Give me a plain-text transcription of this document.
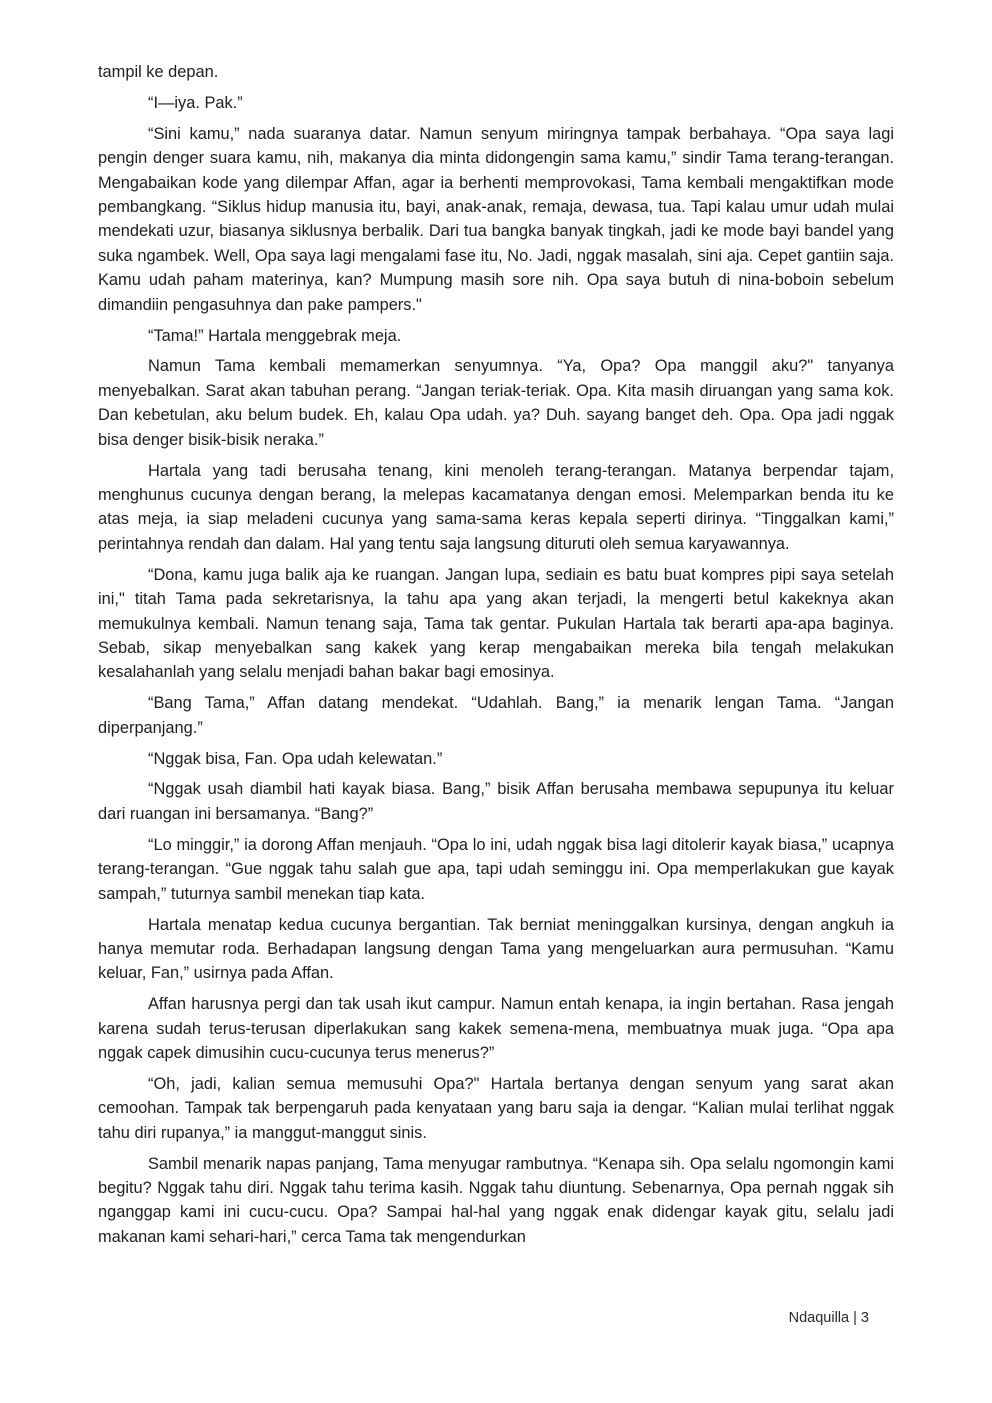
tampil ke depan.

“I—iya. Pak.”

“Sini kamu,” nada suaranya datar. Namun senyum miringnya tampak berbahaya. “Opa saya lagi pengin denger suara kamu, nih, makanya dia minta didongengin sama kamu,” sindir Tama terang-terangan. Mengabaikan kode yang dilempar Affan, agar ia berhenti memprovokasi, Tama kembali mengaktifkan mode pembangkang. “Siklus hidup manusia itu, bayi, anak-anak, remaja, dewasa, tua. Tapi kalau umur udah mulai mendekati uzur, biasanya siklusnya berbalik. Dari tua bangka banyak tingkah, jadi ke mode bayi bandel yang suka ngambek. Well, Opa saya lagi mengalami fase itu, No. Jadi, nggak masalah, sini aja. Cepet gantiin saja. Kamu udah paham materinya, kan? Mumpung masih sore nih. Opa saya butuh di nina-boboin sebelum dimandiin pengasuhnya dan pake pampers."

“Tama!” Hartala menggebrak meja.

Namun Tama kembali memamerkan senyumnya. “Ya, Opa? Opa manggil aku?" tanyanya menyebalkan. Sarat akan tabuhan perang. “Jangan teriak-teriak. Opa. Kita masih diruangan yang sama kok. Dan kebetulan, aku belum budek. Eh, kalau Opa udah. ya? Duh. sayang banget deh. Opa. Opa jadi nggak bisa denger bisik-bisik neraka.”

Hartala yang tadi berusaha tenang, kini menoleh terang-terangan. Matanya berpendar tajam, menghunus cucunya dengan berang, la melepas kacamatanya dengan emosi. Melemparkan benda itu ke atas meja, ia siap meladeni cucunya yang sama-sama keras kepala seperti dirinya. “Tinggalkan kami,” perintahnya rendah dan dalam. Hal yang tentu saja langsung dituruti oleh semua karyawannya.

“Dona, kamu juga balik aja ke ruangan. Jangan lupa, sediain es batu buat kompres pipi saya setelah ini," titah Tama pada sekretarisnya, la tahu apa yang akan terjadi, la mengerti betul kakeknya akan memukulnya kembali. Namun tenang saja, Tama tak gentar. Pukulan Hartala tak berarti apa-apa baginya. Sebab, sikap menyebalkan sang kakek yang kerap mengabaikan mereka bila tengah melakukan kesalahanlah yang selalu menjadi bahan bakar bagi emosinya.

“Bang Tama,” Affan datang mendekat. “Udahlah. Bang,” ia menarik lengan Tama. “Jangan diperpanjang.”

“Nggak bisa, Fan. Opa udah kelewatan.”

“Nggak usah diambil hati kayak biasa. Bang,” bisik Affan berusaha membawa sepupunya itu keluar dari ruangan ini bersamanya. “Bang?”

“Lo minggir,” ia dorong Affan menjauh. “Opa lo ini, udah nggak bisa lagi ditolerir kayak biasa,” ucapnya terang-terangan. “Gue nggak tahu salah gue apa, tapi udah seminggu ini. Opa memperlakukan gue kayak sampah,” tuturnya sambil menekan tiap kata.

Hartala menatap kedua cucunya bergantian. Tak berniat meninggalkan kursinya, dengan angkuh ia hanya memutar roda. Berhadapan langsung dengan Tama yang mengeluarkan aura permusuhan. “Kamu keluar, Fan,” usirnya pada Affan.

Affan harusnya pergi dan tak usah ikut campur. Namun entah kenapa, ia ingin bertahan. Rasa jengah karena sudah terus-terusan diperlakukan sang kakek semena-mena, membuatnya muak juga. “Opa apa nggak capek dimusihin cucu-cucunya terus menerus?”

“Oh, jadi, kalian semua memusuhi Opa?" Hartala bertanya dengan senyum yang sarat akan cemoohan. Tampak tak berpengaruh pada kenyataan yang baru saja ia dengar. “Kalian mulai terlihat nggak tahu diri rupanya,” ia manggut-manggut sinis.

Sambil menarik napas panjang, Tama menyugar rambutnya. “Kenapa sih. Opa selalu ngomongin kami begitu? Nggak tahu diri. Nggak tahu terima kasih. Nggak tahu diuntung. Sebenarnya, Opa pernah nggak sih nganggap kami ini cucu-cucu. Opa? Sampai hal-hal yang nggak enak didengar kayak gitu, selalu jadi makanan kami sehari-hari,” cerca Tama tak mengendurkan

Ndaquilla | 3
